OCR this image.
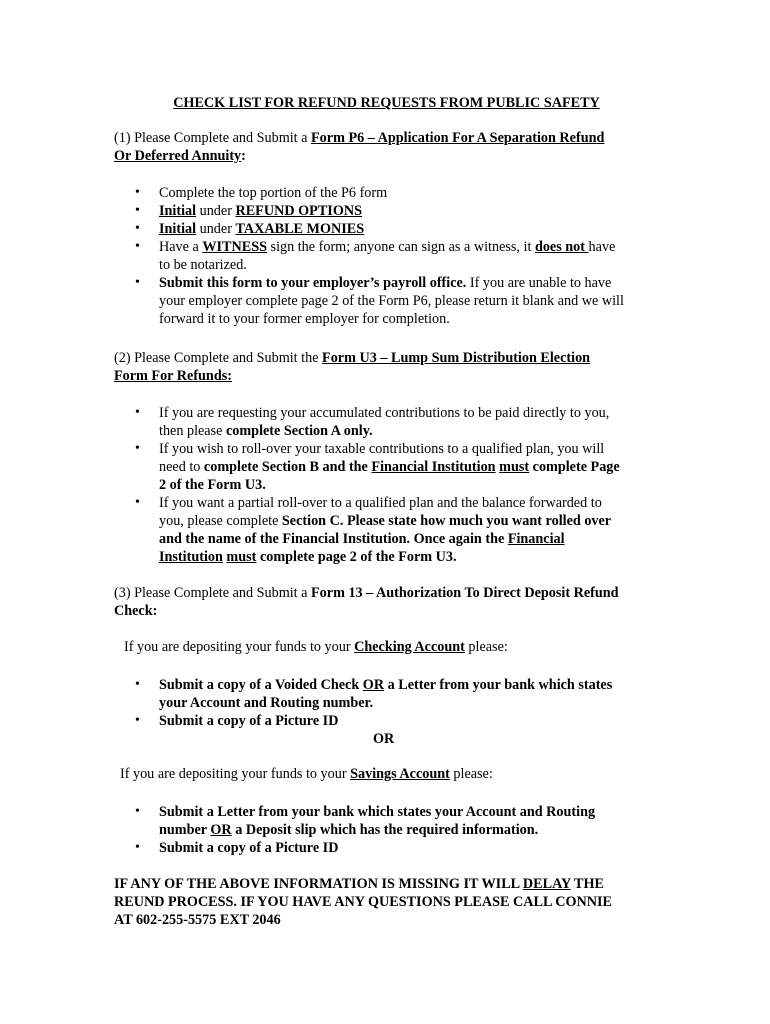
CHECK LIST FOR REFUND REQUESTS FROM PUBLIC SAFETY

(1) Please Complete and Submit a Form P6 – Application For A Separation Refund
Or Deferred Annuity:

• Complete the top portion of the P6 form
• Initial under REFUND OPTIONS
• Initial under TAXABLE MONIES
• Have a WITNESS sign the form; anyone can sign as a witness, it does not have
to be notarized.
• Submit this form to your employer’s payroll office. If you are unable to have
your employer complete page 2 of the Form P6, please return it blank and we will
forward it to your former employer for completion.

(2) Please Complete and Submit the Form U3 – Lump Sum Distribution Election
Form For Refunds:

• If you are requesting your accumulated contributions to be paid directly to you,
then please complete Section A only.
• If you wish to roll-over your taxable contributions to a qualified plan, you will
need to complete Section B and the Financial Institution must complete Page
2 of the Form U3.
• If you want a partial roll-over to a qualified plan and the balance forwarded to
you, please complete Section C. Please state how much you want rolled over
and the name of the Financial Institution. Once again the Financial
Institution must complete page 2 of the Form U3.

(3) Please Complete and Submit a Form 13 – Authorization To Direct Deposit Refund
Check:

If you are depositing your funds to your Checking Account please:

• Submit a copy of a Voided Check OR a Letter from your bank which states
your Account and Routing number.
• Submit a copy of a Picture ID

OR

If you are depositing your funds to your Savings Account please:

• Submit a Letter from your bank which states your Account and Routing
number OR a Deposit slip which has the required information.
• Submit a copy of a Picture ID

IF ANY OF THE ABOVE INFORMATION IS MISSING IT WILL DELAY THE
REUND PROCESS. IF YOU HAVE ANY QUESTIONS PLEASE CALL CONNIE
AT 602-255-5575 EXT 2046
